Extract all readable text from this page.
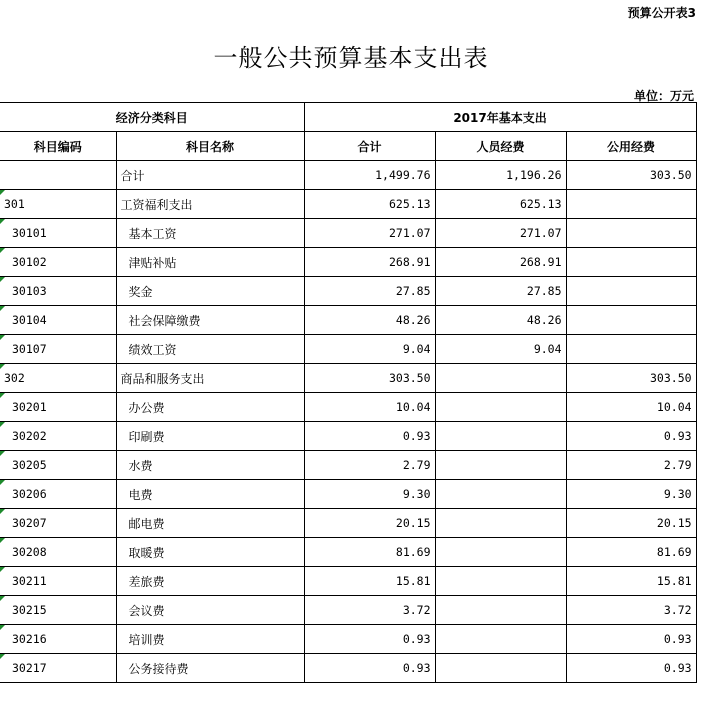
预算公开表3
一般公共预算基本支出表
单位：万元
经济分类科目		2017年基本支出		
科目编码	科目名称	合计	人员经费	公用经费
	合计	1,499.76	1,196.26	303.50

301	工资福利支出	625.13	625.13	

30101	基本工资	271.07	271.07	

30102	津贴补贴	268.91	268.91	

30103	奖金	27.85	27.85	

30104	社会保障缴费	48.26	48.26	

30107	绩效工资	9.04	9.04	

302	商品和服务支出	303.50		303.50

30201	办公费	10.04		10.04

30202	印刷费	0.93		0.93

30205	水费	2.79		2.79

30206	电费	9.30		9.30

30207	邮电费	20.15		20.15

30208	取暖费	81.69		81.69

30211	差旅费	15.81		15.81

30215	会议费	3.72		3.72

30216	培训费	0.93		0.93

30217	公务接待费	0.93		0.93
